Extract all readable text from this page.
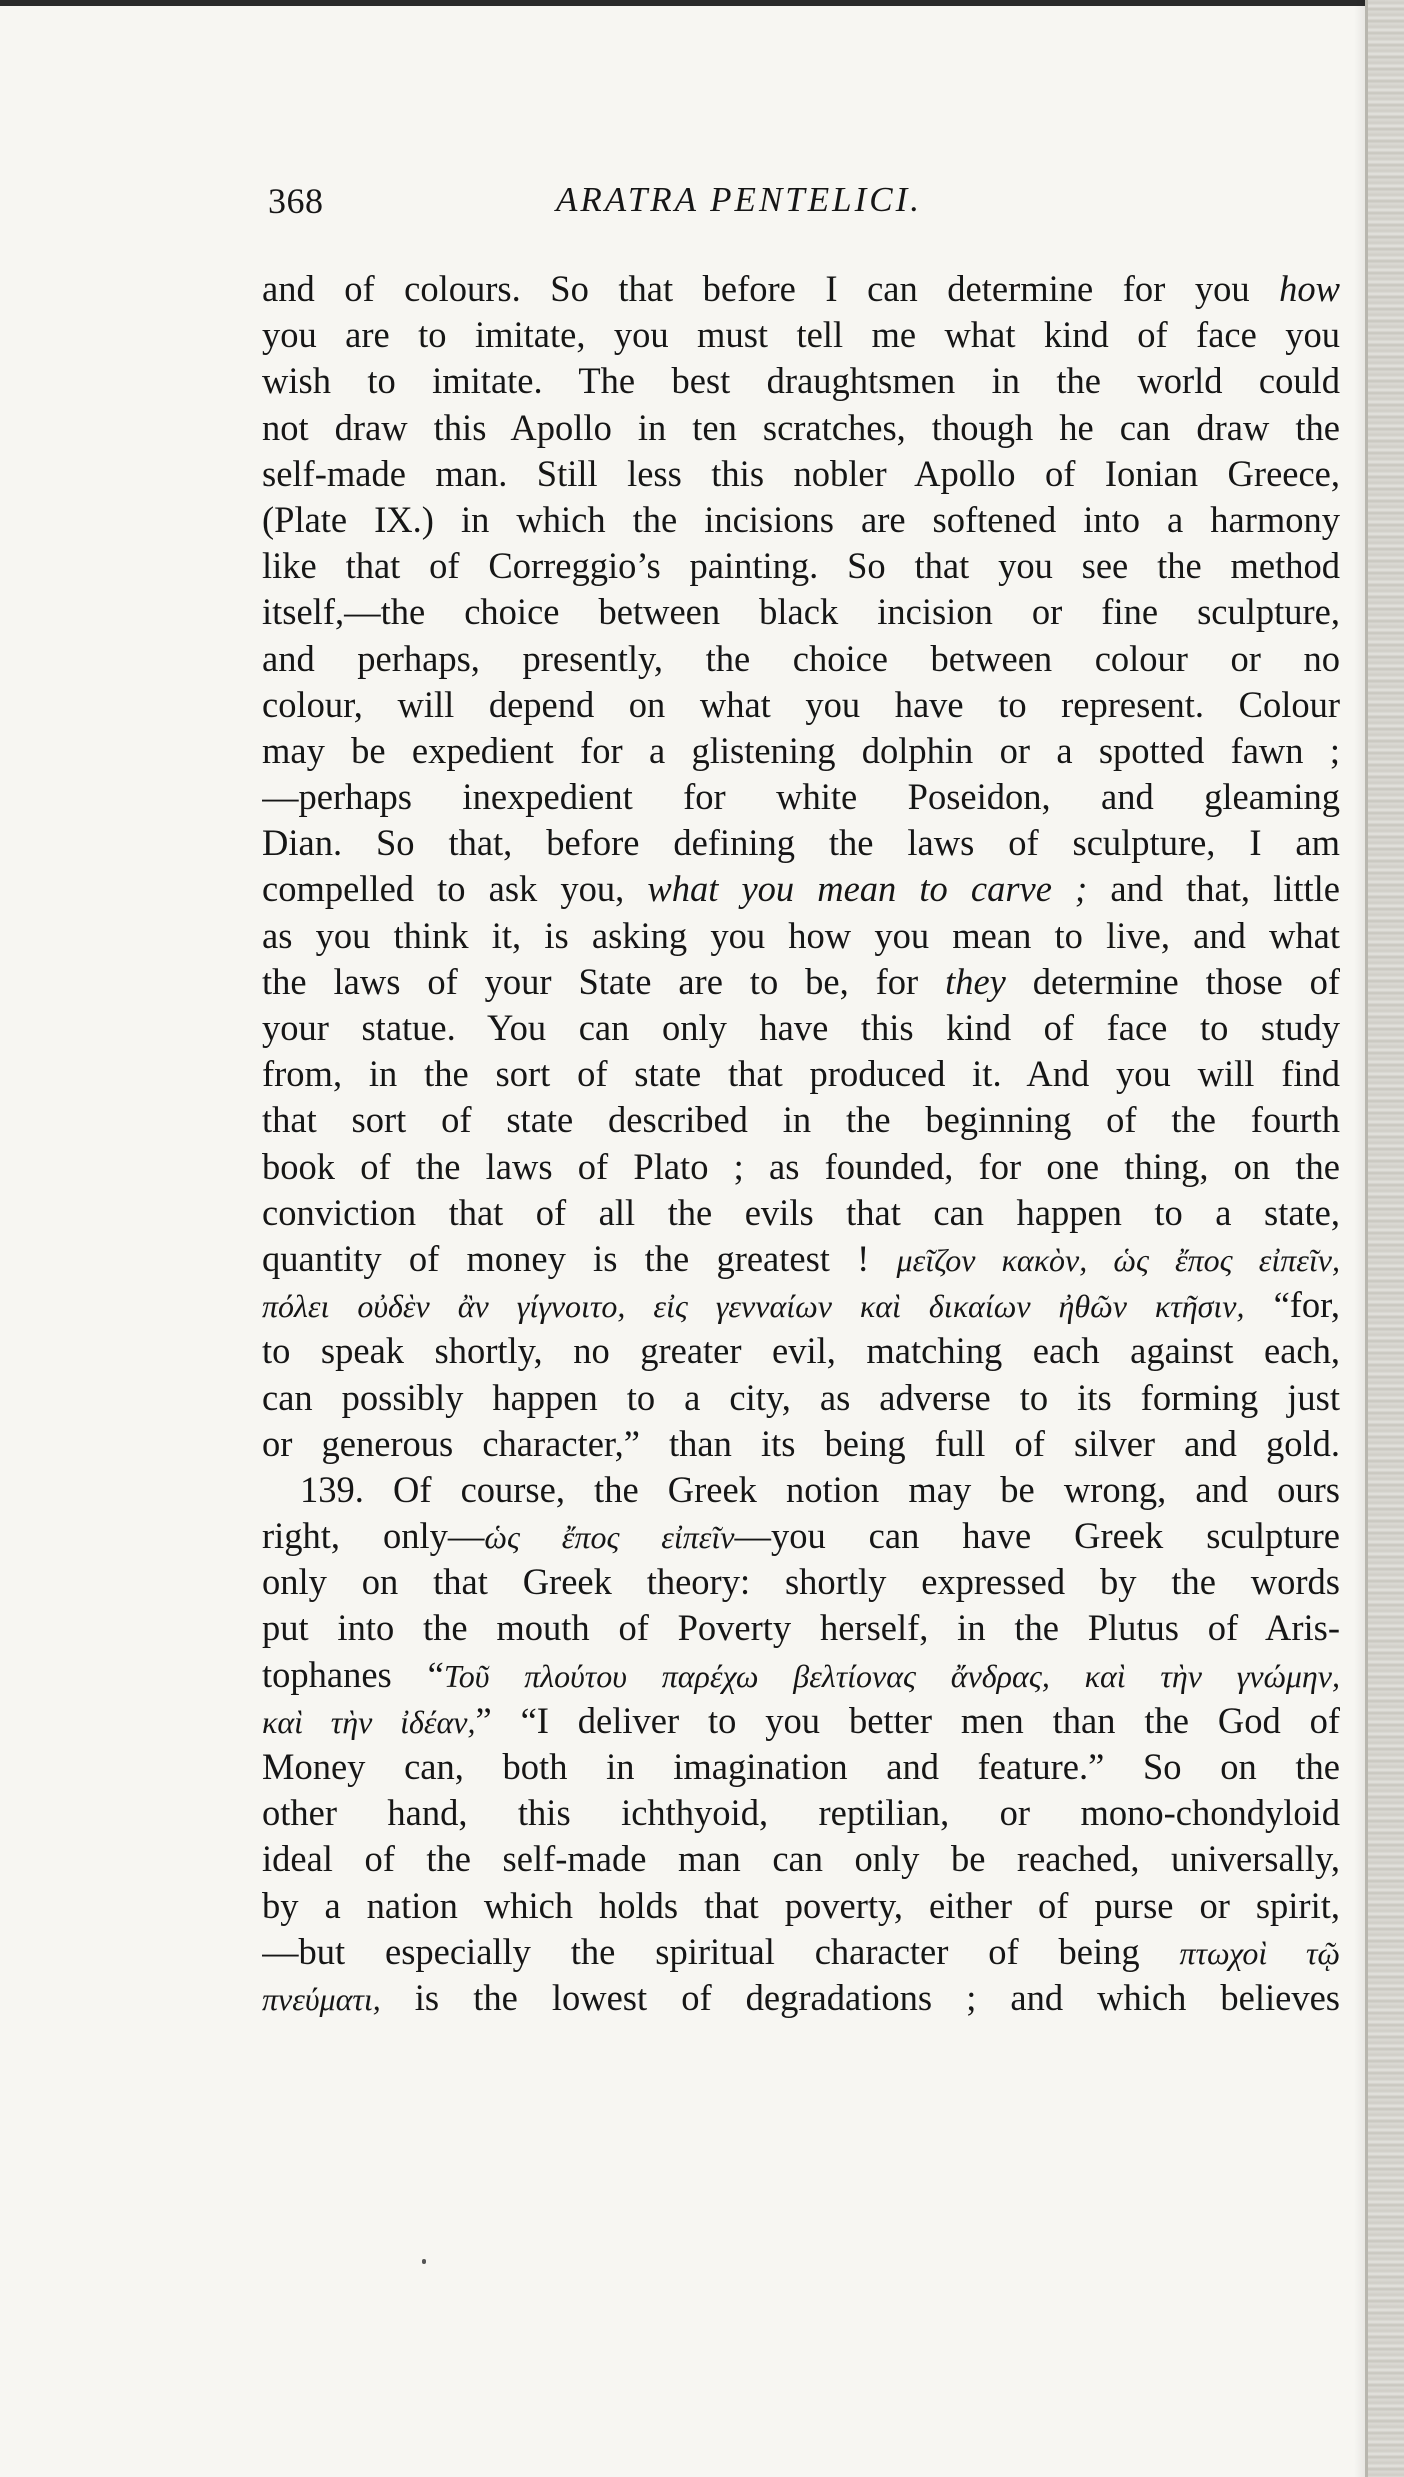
368	ARATRA PENTELICI.
and of colours. So that before I can determine for you how
you are to imitate, you must tell me what kind of face you
wish to imitate. The best draughtsmen in the world could
not draw this Apollo in ten scratches, though he can draw the
self-made man. Still less this nobler Apollo of Ionian Greece,
(Plate IX.) in which the incisions are softened into a harmony
like that of Correggio’s painting. So that you see the method
itself,—the choice between black incision or fine sculpture,
and perhaps, presently, the choice between colour or no
colour, will depend on what you have to represent. Colour
may be expedient for a glistening dolphin or a spotted fawn ;
—perhaps inexpedient for white Poseidon, and gleaming
Dian. So that, before defining the laws of sculpture, I am
compelled to ask you, what you mean to carve ; and that, little
as you think it, is asking you how you mean to live, and what
the laws of your State are to be, for they determine those of
your statue. You can only have this kind of face to study
from, in the sort of state that produced it. And you will find
that sort of state described in the beginning of the fourth
book of the laws of Plato ; as founded, for one thing, on the
conviction that of all the evils that can happen to a state,
quantity of money is the greatest ! μεῖζον κακὸν, ὡς ἔπος εἰπεῖν,
πόλει οὐδὲν ἂν γίγνοιτο, εἰς γενναίων καὶ δικαίων ἠθῶν κτῆσιν, “for,
to speak shortly, no greater evil, matching each against each,
can possibly happen to a city, as adverse to its forming just
or generous character,” than its being full of silver and gold.
139. Of course, the Greek notion may be wrong, and ours
right, only—ὡς ἔπος εἰπεῖν—you can have Greek sculpture
only on that Greek theory: shortly expressed by the words
put into the mouth of Poverty herself, in the Plutus of Aris-
tophanes “Τοῦ πλούτου παρέχω βελτίονας ἄνδρας, καὶ τὴν γνώμην,
καὶ τὴν ἰδέαν,” “I deliver to you better men than the God of
Money can, both in imagination and feature.” So on the
other hand, this ichthyoid, reptilian, or mono-chondyloid
ideal of the self-made man can only be reached, universally,
by a nation which holds that poverty, either of purse or spirit,
—but especially the spiritual character of being πτωχοὶ τῷ
πνεύματι, is the lowest of degradations ; and which believes
